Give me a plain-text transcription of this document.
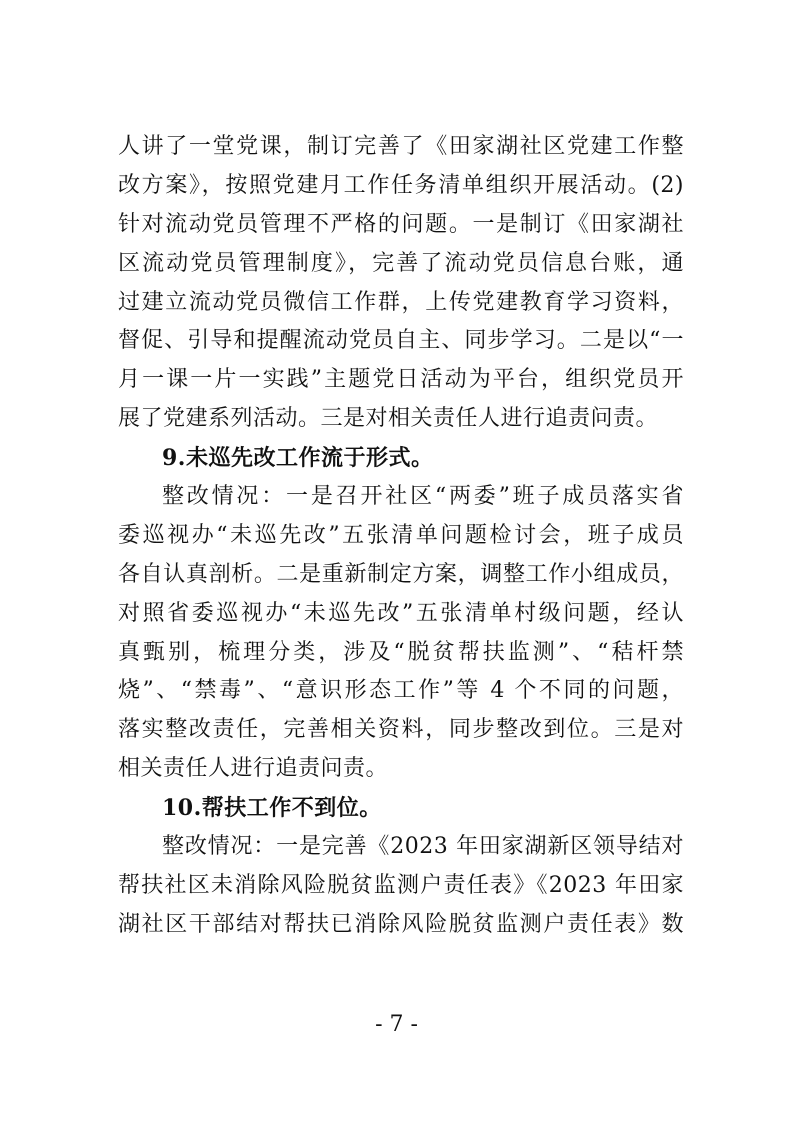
人讲了一堂党课，制订完善了《田家湖社区党建工作整
改方案》，按照党建月工作任务清单组织开展活动。(2)
针对流动党员管理不严格的问题。一是制订《田家湖社
区流动党员管理制度》，完善了流动党员信息台账，通
过建立流动党员微信工作群，上传党建教育学习资料，
督促、引导和提醒流动党员自主、同步学习。二是以“一
月一课一片一实践”主题党日活动为平台，组织党员开
展了党建系列活动。三是对相关责任人进行追责问责。
9.未巡先改工作流于形式。
整改情况：一是召开社区“两委”班子成员落实省
委巡视办“未巡先改”五张清单问题检讨会，班子成员
各自认真剖析。二是重新制定方案，调整工作小组成员，
对照省委巡视办“未巡先改”五张清单村级问题，经认
真甄别，梳理分类，涉及“脱贫帮扶监测”、“秸杆禁
烧”、“禁毒”、“意识形态工作”等 4 个不同的问题，
落实整改责任，完善相关资料，同步整改到位。三是对
相关责任人进行追责问责。
10.帮扶工作不到位。
整改情况：一是完善《2023 年田家湖新区领导结对
帮扶社区未消除风险脱贫监测户责任表》《2023 年田家
湖社区干部结对帮扶已消除风险脱贫监测户责任表》数
- 7 -
